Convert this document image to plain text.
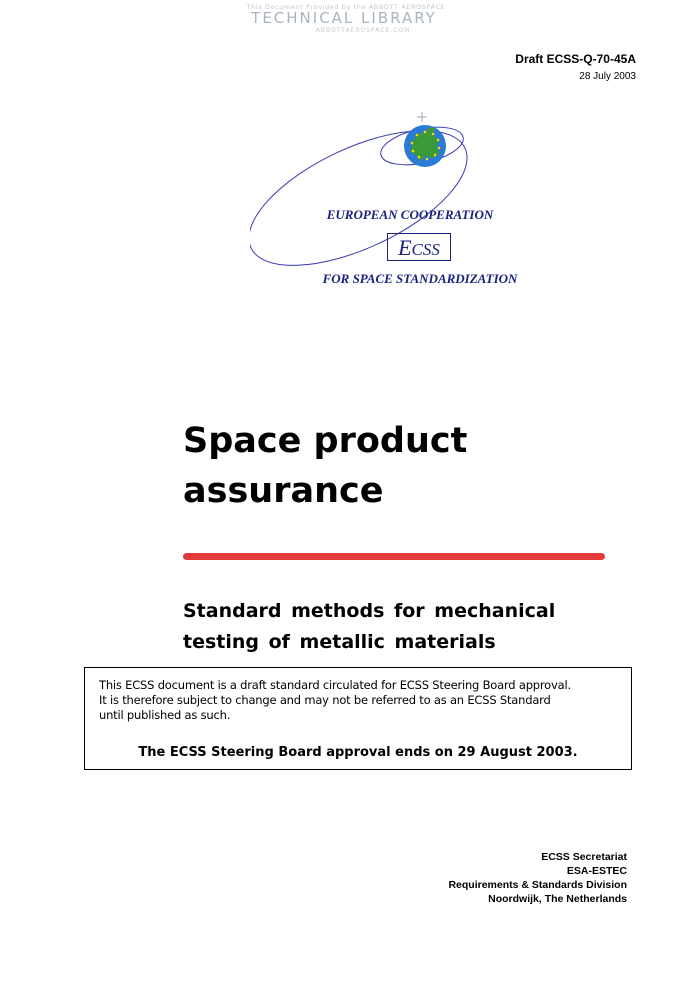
This Document Provided by the ABBOTT AEROSPACE
TECHNICAL LIBRARY
ABBOTTAEROSPACE.COM
Draft ECSS-Q-70-45A
28 July 2003
EUROPEAN COOPERATION
ECSS
FOR SPACE STANDARDIZATION
Space product
assurance
Standard methods for mechanical
testing of metallic materials
This ECSS document is a draft standard circulated for ECSS Steering Board approval.
It is therefore subject to change and may not be referred to as an ECSS Standard
until published as such.
The ECSS Steering Board approval ends on 29 August 2003.
ECSS Secretariat
ESA-ESTEC
Requirements & Standards Division
Noordwijk, The Netherlands
